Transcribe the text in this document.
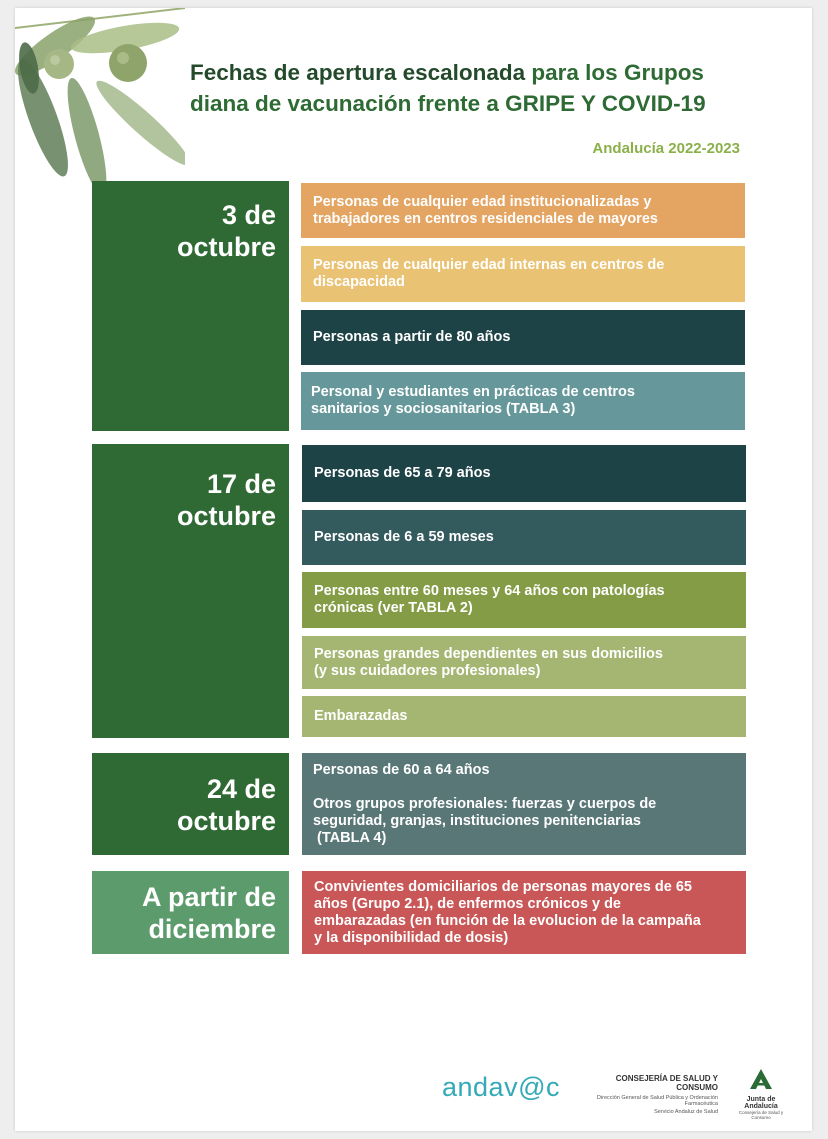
Fechas de apertura escalonada para los Grupos diana de vacunación frente a GRIPE Y COVID-19
Andalucía 2022-2023
3 de
octubre
Personas de cualquier edad institucionalizadas y
trabajadores en centros residenciales de mayores
Personas de cualquier edad internas en centros de
discapacidad
Personas a partir de 80 años
Personal y estudiantes en prácticas de centros
sanitarios y sociosanitarios (TABLA 3)
17 de
octubre
Personas de 65 a 79 años
Personas de 6 a 59 meses
Personas entre 60 meses y 64 años con patologías
crónicas (ver TABLA 2)
Personas grandes dependientes en sus domicilios
(y sus cuidadores profesionales)
Embarazadas
24 de
octubre
Personas de 60 a 64 años
Otros grupos profesionales: fuerzas y cuerpos de
seguridad, granjas, instituciones penitenciarias
(TABLA 4)
A partir de
diciembre
Convivientes domiciliarios de personas mayores de 65
años (Grupo 2.1), de enfermos crónicos y de
embarazadas (en función de la evolucion de la campaña
y la disponibilidad de dosis)
andav@c	CONSEJERÍA DE SALUD Y CONSUMO
Dirección General de Salud Pública y Ordenación Farmacéutica
Servicio Andaluz de Salud
Junta de Andalucía
Consejería de Salud y Consumo
